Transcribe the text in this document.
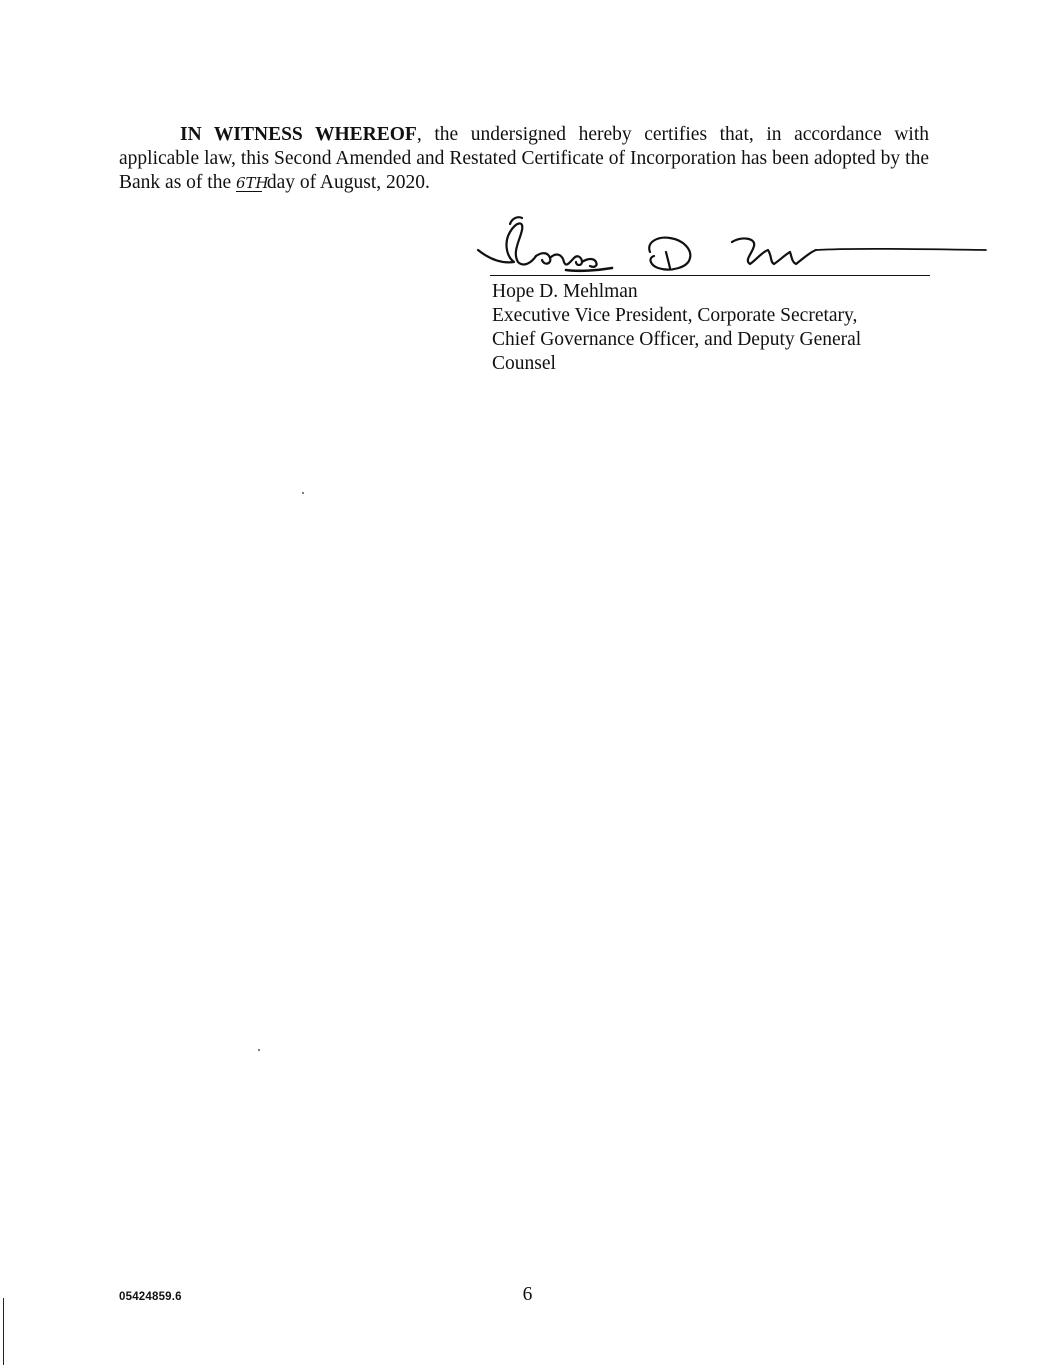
IN WITNESS WHEREOF, the undersigned hereby certifies that, in accordance with applicable law, this Second Amended and Restated Certificate of Incorporation has been adopted by the Bank as of the 6TH day of August, 2020.

Hope D. Mehlman
Executive Vice President, Corporate Secretary,
Chief Governance Officer, and Deputy General
Counsel
05424859.6	6
